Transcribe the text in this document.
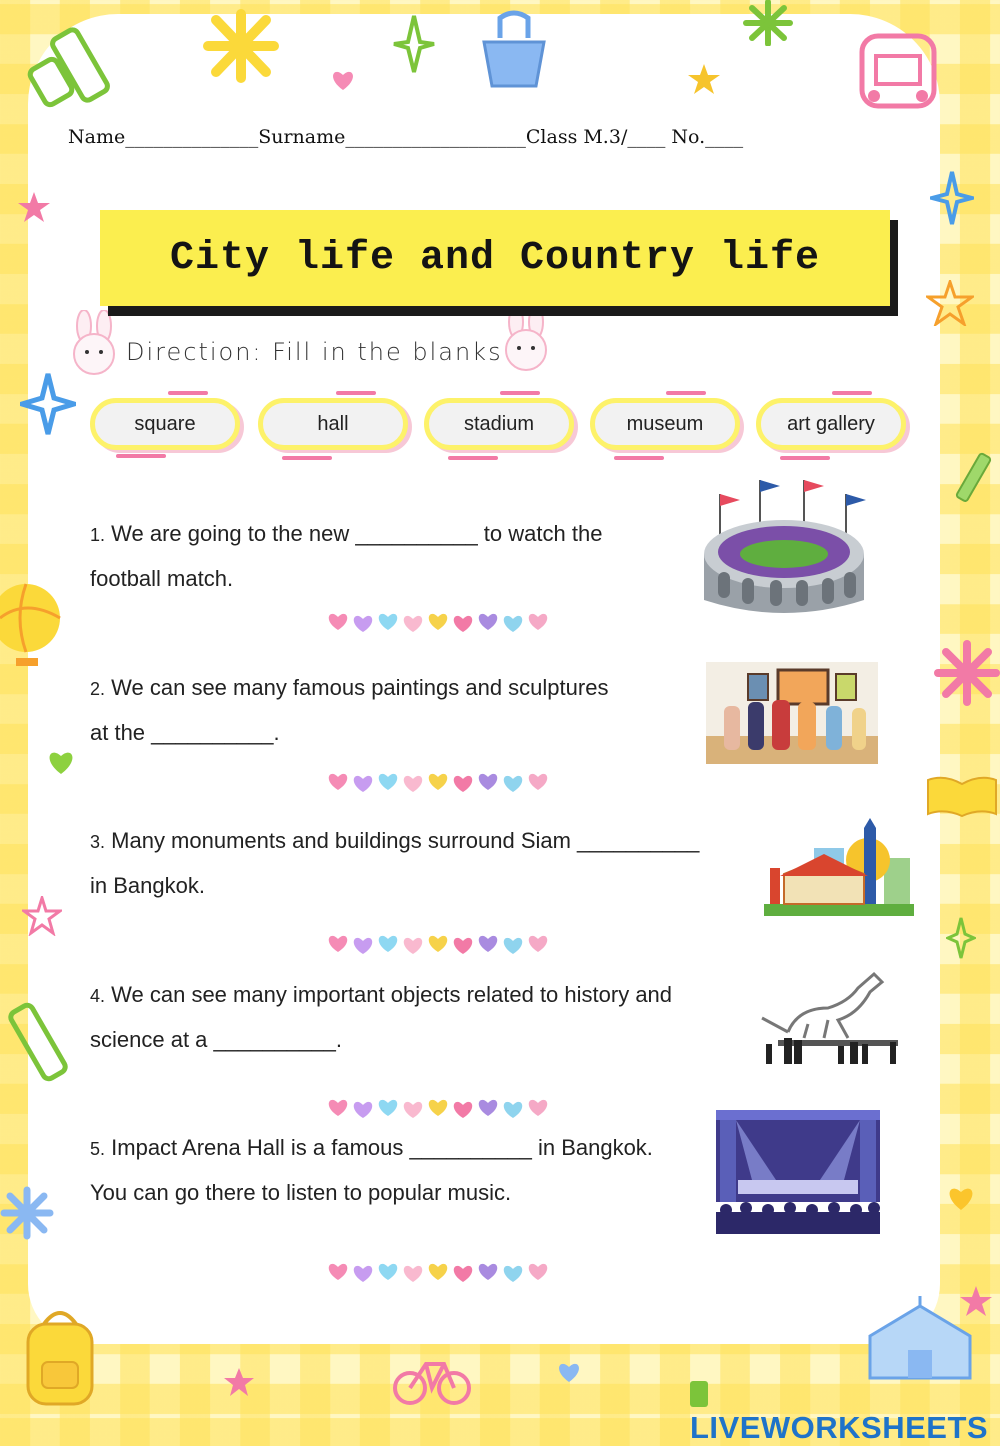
Name______________Surname___________________Class M.3/____ No.____
City life and Country life
Direction: Fill in the blanks
square	hall	stadium	museum	art gallery
1. We are going to the new __________ to watch the
football match.
2. We can see many famous paintings and sculptures
at the __________.
3. Many monuments and buildings surround Siam __________
in Bangkok.
4. We can see many important objects related to history and
science at a __________.
5. Impact Arena Hall is a famous __________ in Bangkok.
You can go there to listen to popular music.
LIVEWORKSHEETS
